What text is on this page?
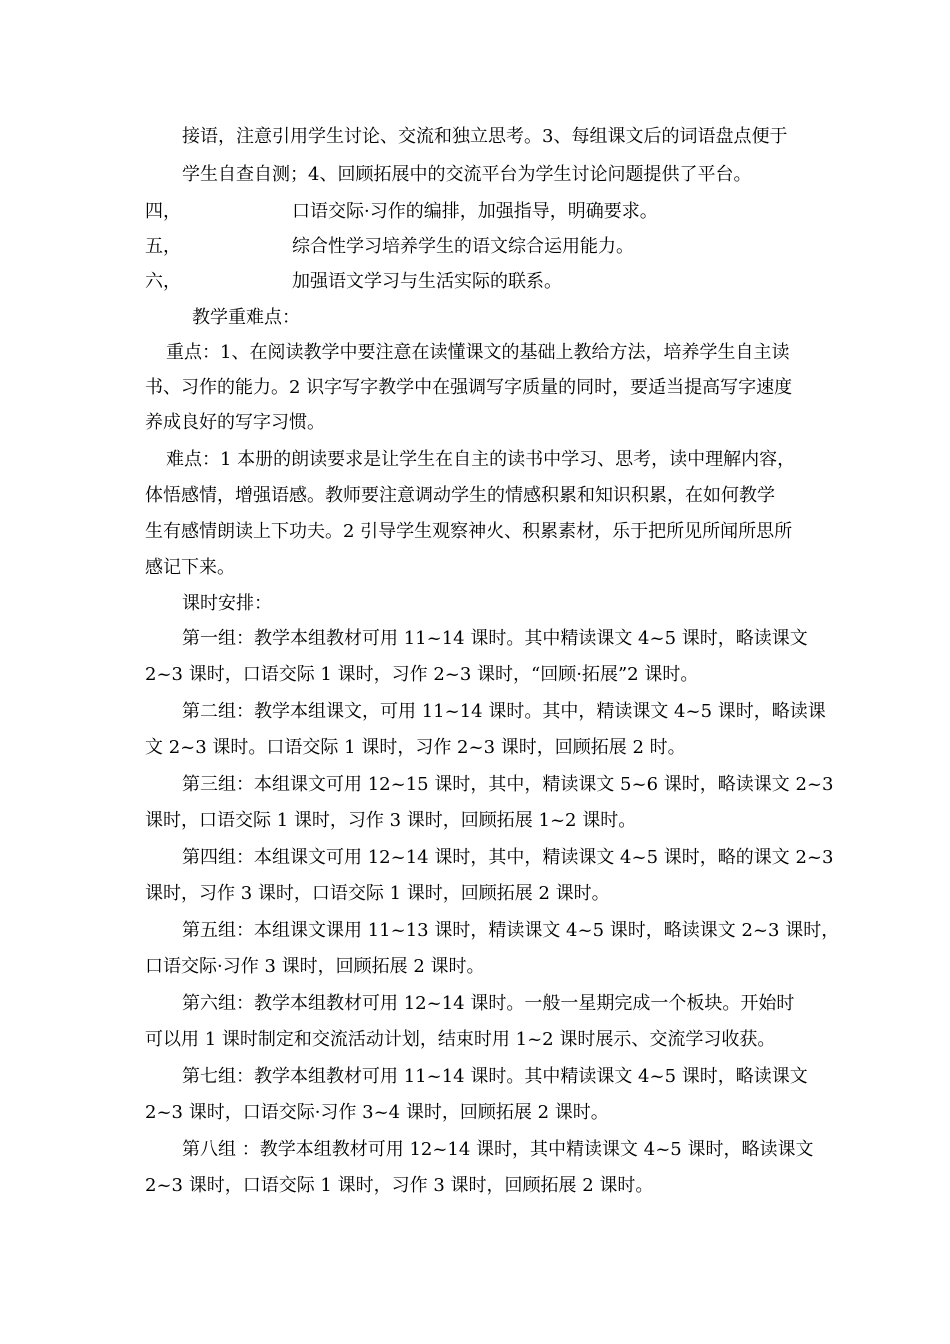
接语，注意引用学生讨论、交流和独立思考。3、每组课文后的词语盘点便于
学生自查自测；4、回顾拓展中的交流平台为学生讨论问题提供了平台。
四，	口语交际·习作的编排，加强指导，明确要求。
五，	综合性学习培养学生的语文综合运用能力。
六，	加强语文学习与生活实际的联系。
教学重难点：
重点：1、在阅读教学中要注意在读懂课文的基础上教给方法，培养学生自主读
书、习作的能力。2 识字写字教学中在强调写字质量的同时，要适当提高写字速度
养成良好的写字习惯。
难点：1 本册的朗读要求是让学生在自主的读书中学习、思考，读中理解内容，
体悟感情，增强语感。教师要注意调动学生的情感积累和知识积累，在如何教学
生有感情朗读上下功夫。2 引导学生观察神火、积累素材，乐于把所见所闻所思所
感记下来。
课时安排：
第一组：教学本组教材可用 11~14 课时。其中精读课文 4~5 课时，略读课文
2~3 课时，口语交际 1 课时，习作 2~3 课时，“回顾·拓展”2 课时。
第二组：教学本组课文，可用 11~14 课时。其中，精读课文 4~5 课时，略读课
文 2~3 课时。口语交际 1 课时，习作 2~3 课时，回顾拓展 2 时。
第三组：本组课文可用 12~15 课时，其中，精读课文 5~6 课时，略读课文 2~3
课时，口语交际 1 课时，习作 3 课时，回顾拓展 1~2 课时。
第四组：本组课文可用 12~14 课时，其中，精读课文 4~5 课时，略的课文 2~3
课时，习作 3 课时，口语交际 1 课时，回顾拓展 2 课时。
第五组：本组课文课用 11~13 课时，精读课文 4~5 课时，略读课文 2~3 课时，
口语交际·习作 3 课时，回顾拓展 2 课时。
第六组：教学本组教材可用 12~14 课时。一般一星期完成一个板块。开始时
可以用 1 课时制定和交流活动计划，结束时用 1~2 课时展示、交流学习收获。
第七组：教学本组教材可用 11~14 课时。其中精读课文 4~5 课时，略读课文
2~3 课时，口语交际·习作 3~4 课时，回顾拓展 2 课时。
第八组 ：教学本组教材可用 12~14 课时，其中精读课文 4~5 课时，略读课文
2~3 课时，口语交际 1 课时，习作 3 课时，回顾拓展 2 课时。
